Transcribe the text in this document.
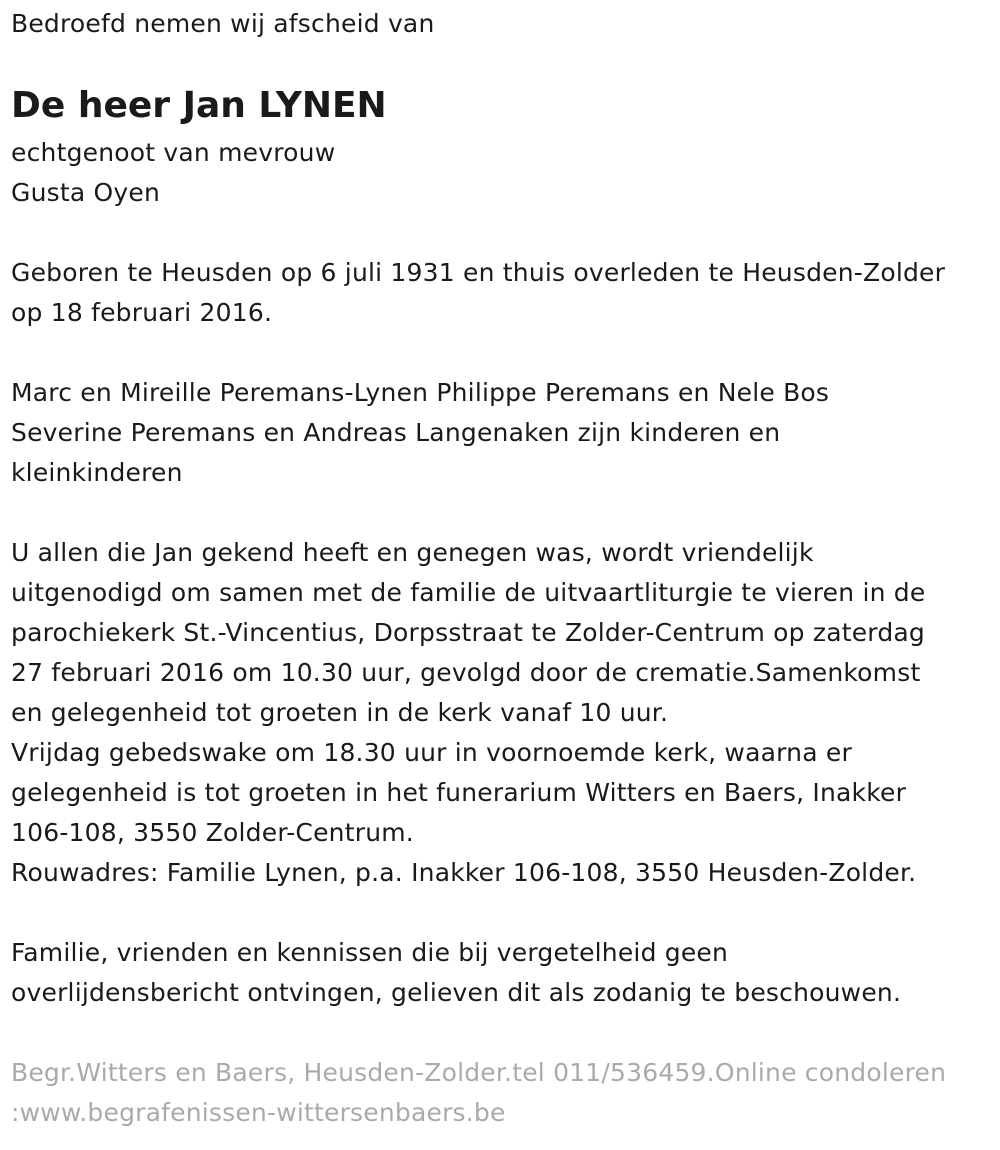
Bedroefd nemen wij afscheid van
De heer Jan LYNEN
echtgenoot van mevrouw
Gusta Oyen
Geboren te Heusden op 6 juli 1931 en thuis overleden te Heusden-Zolder
op 18 februari 2016.
Marc en Mireille Peremans-Lynen Philippe Peremans en Nele Bos
Severine Peremans en Andreas Langenaken zijn kinderen en
kleinkinderen
U allen die Jan gekend heeft en genegen was, wordt vriendelijk
uitgenodigd om samen met de familie de uitvaartliturgie te vieren in de
parochiekerk St.-Vincentius, Dorpsstraat te Zolder-Centrum op zaterdag
27 februari 2016 om 10.30 uur, gevolgd door de crematie.Samenkomst
en gelegenheid tot groeten in de kerk vanaf 10 uur.
Vrijdag gebedswake om 18.30 uur in voornoemde kerk, waarna er
gelegenheid is tot groeten in het funerarium Witters en Baers, Inakker
106-108, 3550 Zolder-Centrum.
Rouwadres: Familie Lynen, p.a. Inakker 106-108, 3550 Heusden-Zolder.
Familie, vrienden en kennissen die bij vergetelheid geen
overlijdensbericht ontvingen, gelieven dit als zodanig te beschouwen.
Begr.Witters en Baers, Heusden-Zolder.tel 011/536459.Online condoleren
:www.begrafenissen-wittersenbaers.be
